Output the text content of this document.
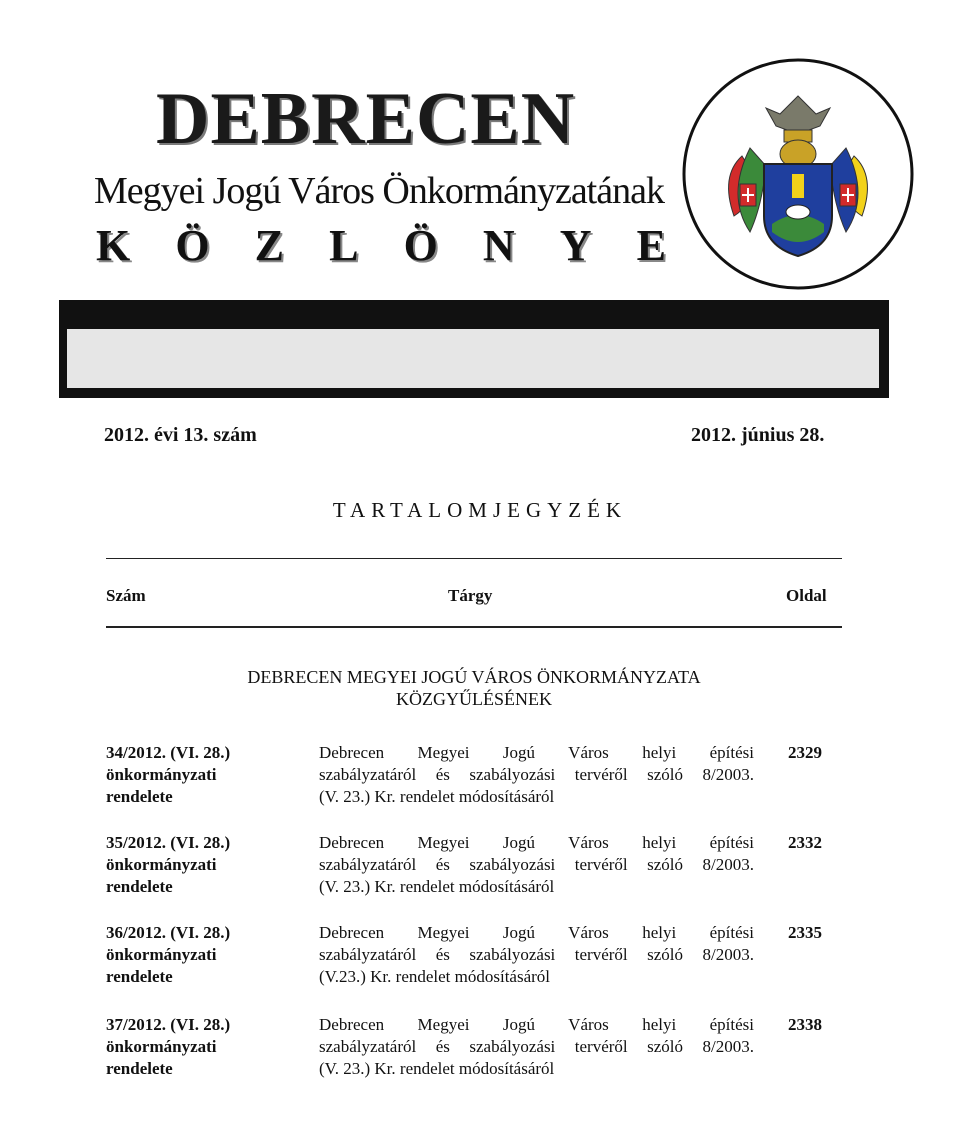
DEBRECEN
Megyei Jogú Város Önkormányzatának
K Ö Z L Ö N Y E
2012. évi 13. szám	2012. június 28.
TARTALOMJEGYZÉK
Szám	Tárgy	Oldal
DEBRECEN MEGYEI JOGÚ VÁROS ÖNKORMÁNYZATA
KÖZGYŰLÉSÉNEK
34/2012. (VI. 28.)
önkormányzati
rendelete
Debrecen Megyei Jogú Város helyi építési
szabályzatáról és szabályozási tervéről szóló 8/2003.
(V. 23.) Kr. rendelet módosításáról
2329
35/2012. (VI. 28.)
önkormányzati
rendelete
Debrecen Megyei Jogú Város helyi építési
szabályzatáról és szabályozási tervéről szóló 8/2003.
(V. 23.) Kr. rendelet módosításáról
2332
36/2012. (VI. 28.)
önkormányzati
rendelete
Debrecen Megyei Jogú Város helyi építési
szabályzatáról és szabályozási tervéről szóló 8/2003.
(V.23.) Kr. rendelet módosításáról
2335
37/2012. (VI. 28.)
önkormányzati
rendelete
Debrecen Megyei Jogú Város helyi építési
szabályzatáról és szabályozási tervéről szóló 8/2003.
(V. 23.) Kr. rendelet módosításáról
2338
